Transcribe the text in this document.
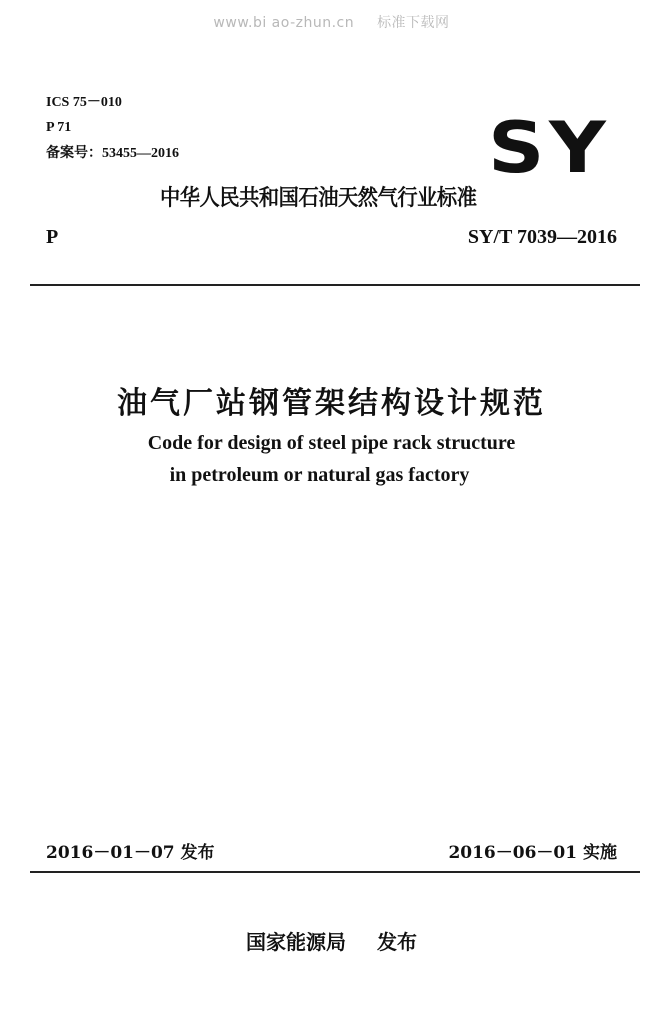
www.bi ao-zhun.cn 标准下载网
ICS 75－010
P 71
备案号：53455—2016	SY
中华人民共和国石油天然气行业标准
P	SY/T 7039—2016
油气厂站钢管架结构设计规范
Code for design of steel pipe rack structure
in petroleum or natural gas factory
2016－01－07 发布	2016－06－01 实施
国家能源局 发布
